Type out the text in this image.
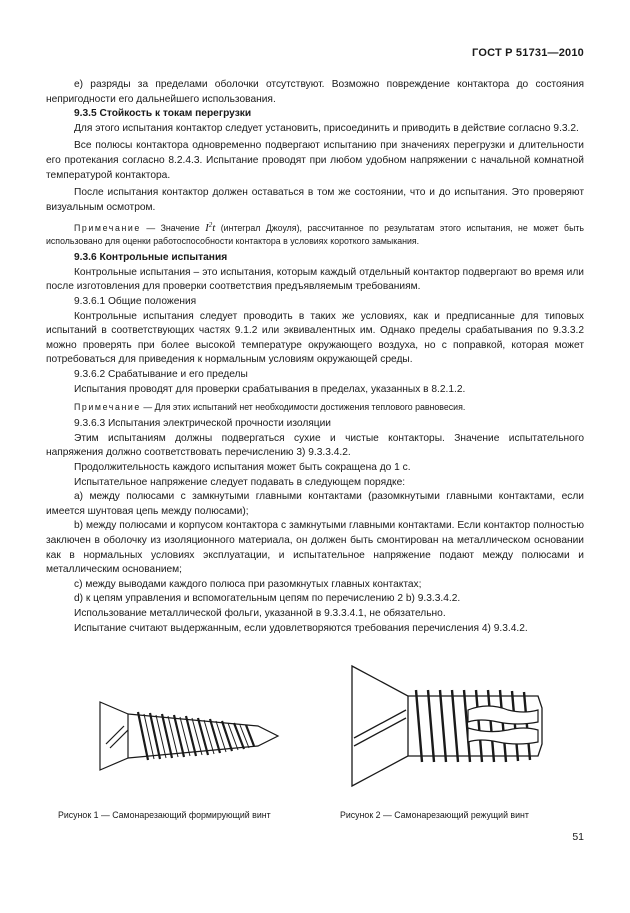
ГОСТ Р 51731—2010

е) разряды за пределами оболочки отсутствуют. Возможно повреждение контактора до состояния непригодности его дальнейшего использования.

9.3.5 Стойкость к токам перегрузки

Для этого испытания контактор следует установить, присоединить и приводить в действие согласно 9.3.2.

Все полюсы контактора одновременно подвергают испытанию при значениях перегрузки и длительности его протекания согласно 8.2.4.3. Испытание проводят при любом удобном напряжении с начальной комнатной температурой контактора.

После испытания контактор должен оставаться в том же состоянии, что и до испытания. Это проверяют визуальным осмотром.

Примечание — Значение $I^2t$ (интеграл Джоуля), рассчитанное по результатам этого испытания, не может быть использовано для оценки работоспособности контактора в условиях короткого замыкания.

9.3.6 Контрольные испытания

Контрольные испытания – это испытания, которым каждый отдельный контактор подвергают во время или после изготовления для проверки соответствия предъявляемым требованиям.

9.3.6.1 Общие положения

Контрольные испытания следует проводить в таких же условиях, как и предписанные для типовых испытаний в соответствующих частях 9.1.2 или эквивалентных им. Однако пределы срабатывания по 9.3.3.2 можно проверять при более высокой температуре окружающего воздуха, но с поправкой, которая может потребоваться для приведения к нормальным условиям окружающей среды.

9.3.6.2 Срабатывание и его пределы

Испытания проводят для проверки срабатывания в пределах, указанных в 8.2.1.2.

Примечание — Для этих испытаний нет необходимости достижения теплового равновесия.

9.3.6.3 Испытания электрической прочности изоляции

Этим испытаниям должны подвергаться сухие и чистые контакторы. Значение испытательного напряжения должно соответствовать перечислению 3) 9.3.3.4.2.

Продолжительность каждого испытания может быть сокращена до 1 с.

Испытательное напряжение следует подавать в следующем порядке:

a) между полюсами с замкнутыми главными контактами (разомкнутыми главными контактами, если имеется шунтовая цепь между полюсами);

b) между полюсами и корпусом контактора с замкнутыми главными контактами. Если контактор полностью заключен в оболочку из изоляционного материала, он должен быть смонтирован на металлическом основании как в нормальных условиях эксплуатации, и испытательное напряжение подают между полюсами и металлическим основанием;

c) между выводами каждого полюса при разомкнутых главных контактах;

d) к цепям управления и вспомогательным цепям по перечислению 2 b) 9.3.3.4.2.

Использование металлической фольги, указанной в 9.3.3.4.1, не обязательно.

Испытание считают выдержанным, если удовлетворяются требования перечисления 4) 9.3.4.2.

Рисунок 1 — Самонарезающий формирующий винт	Рисунок 2 — Самонарезающий режущий винт
51
